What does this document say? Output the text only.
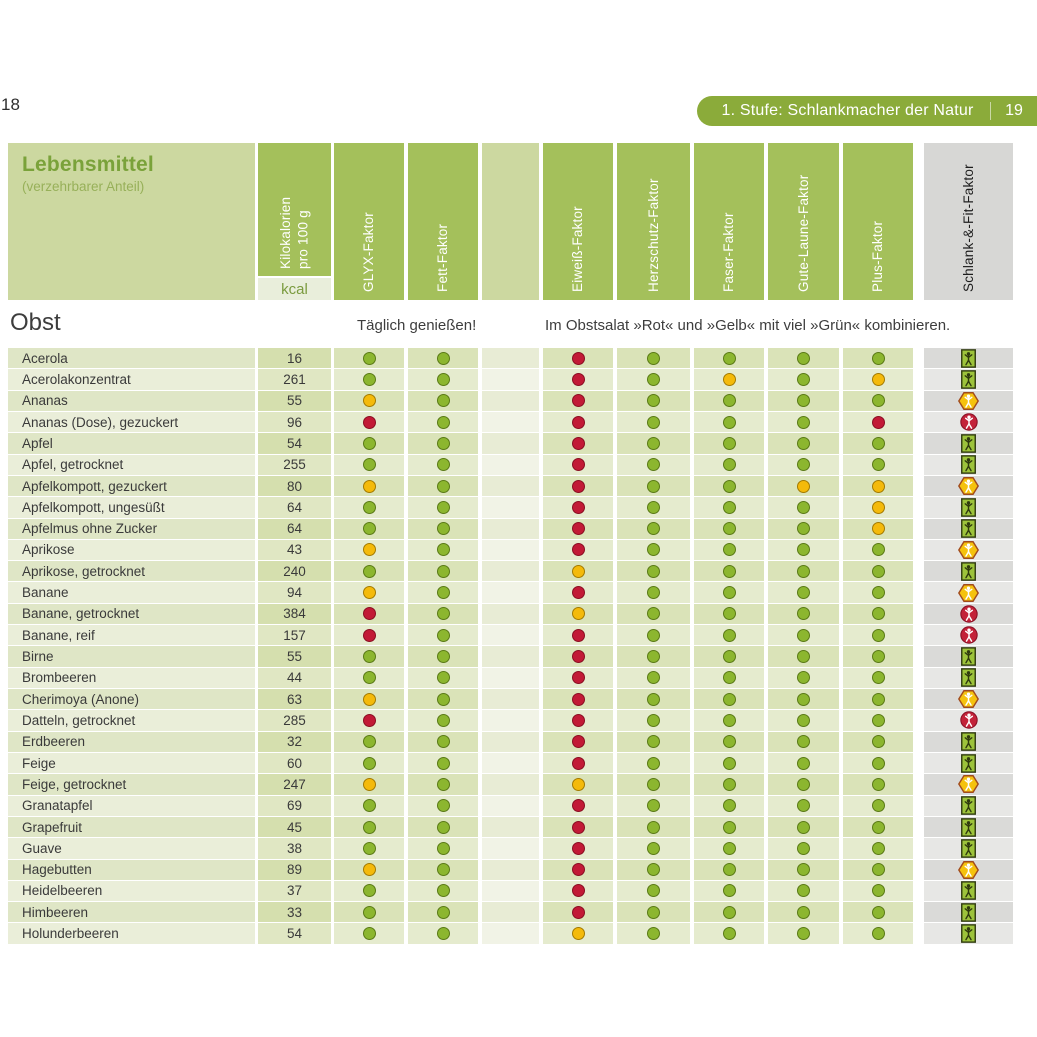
18	1. Stufe: Schlankmacher der Natur	19
Lebensmittel
(verzehrbarer Anteil)
Kilokalorien pro 100 g
kcal	GLYX-Faktor	Fett-Faktor	Eiweiß-Faktor	Herzschutz-Faktor	Faser-Faktor	Gute-Laune-Faktor	Plus-Faktor	Schlank-&-Fit-Faktor
Obst	Täglich genießen!	Im Obstsalat »Rot« und »Gelb« mit viel »Grün« kombinieren.
Acerola	16
Acerolakonzentrat	261
Ananas	55
Ananas (Dose), gezuckert	96
Apfel	54
Apfel, getrocknet	255
Apfelkompott, gezuckert	80
Apfelkompott, ungesüßt	64
Apfelmus ohne Zucker	64
Aprikose	43
Aprikose, getrocknet	240
Banane	94
Banane, getrocknet	384
Banane, reif	157
Birne	55
Brombeeren	44
Cherimoya (Anone)	63
Datteln, getrocknet	285
Erdbeeren	32
Feige	60
Feige, getrocknet	247
Granatapfel	69
Grapefruit	45
Guave	38
Hagebutten	89
Heidelbeeren	37
Himbeeren	33
Holunderbeeren	54
